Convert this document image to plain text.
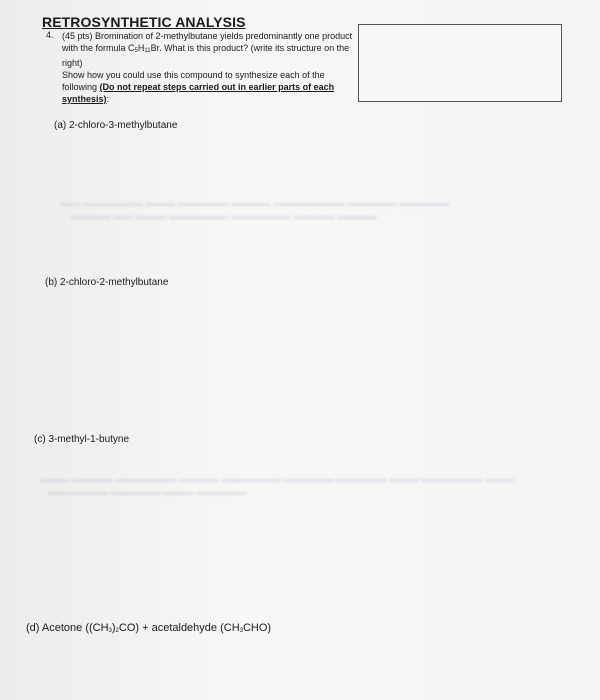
RETROSYNTHETIC ANALYSIS
4. (45 pts) Bromination of 2-methylbutane yields predominantly one product with the formula $C_5H_{11}Br$. What is this product? (write its structure on the right)
Show how you could use this compound to synthesize each of the following (Do not repeat steps carried out in earlier parts of each synthesis):
(a) 2-chloro-3-methylbutane
▬▬ ▬▬▬▬▬▬ ▬▬▬ ▬▬▬▬▬ ▬▬▬▬ ▬▬▬▬▬▬▬ ▬▬▬▬▬ ▬▬▬▬▬
▬▬▬▬ ▬▬ ▬▬▬ ▬▬▬▬▬▬ ▬▬▬▬▬▬ ▬▬▬▬ ▬▬▬▬
(b) 2-chloro-2-methylbutane
(c) 3-methyl-1-butyne
▬▬▬ ▬▬▬▬ ▬▬▬▬▬▬ ▬▬▬▬ ▬▬▬▬▬▬ ▬▬▬▬▬ ▬▬▬▬▬ ▬▬▬ ▬▬▬▬▬▬ ▬▬▬
▬▬▬▬▬▬ ▬▬▬▬▬ ▬▬▬ ▬▬▬▬▬
(d) Acetone $((CH_3)_2CO)$ + acetaldehyde $(CH_3CHO)$
